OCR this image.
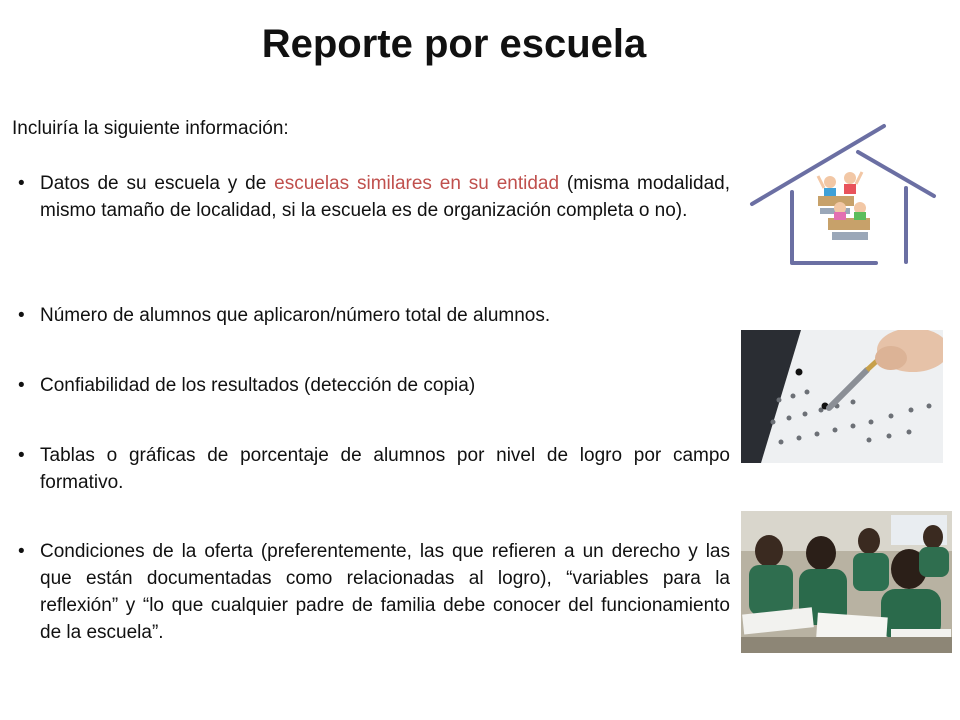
Reporte por escuela
Incluiría la siguiente información:
• Datos de su escuela y de escuelas similares en su entidad (misma modalidad, mismo tamaño de localidad, si la escuela es de organización completa o no).
• Número de alumnos que aplicaron/número total de alumnos.
• Confiabilidad de los resultados (detección de copia)
• Tablas o gráficas de porcentaje de alumnos por nivel de logro por campo formativo.
• Condiciones de la oferta (preferentemente, las que refieren a un derecho y las que están documentadas como relacionadas al logro), “variables para la reflexión” y “lo que cualquier padre de familia debe conocer del funcionamiento de la escuela”.
